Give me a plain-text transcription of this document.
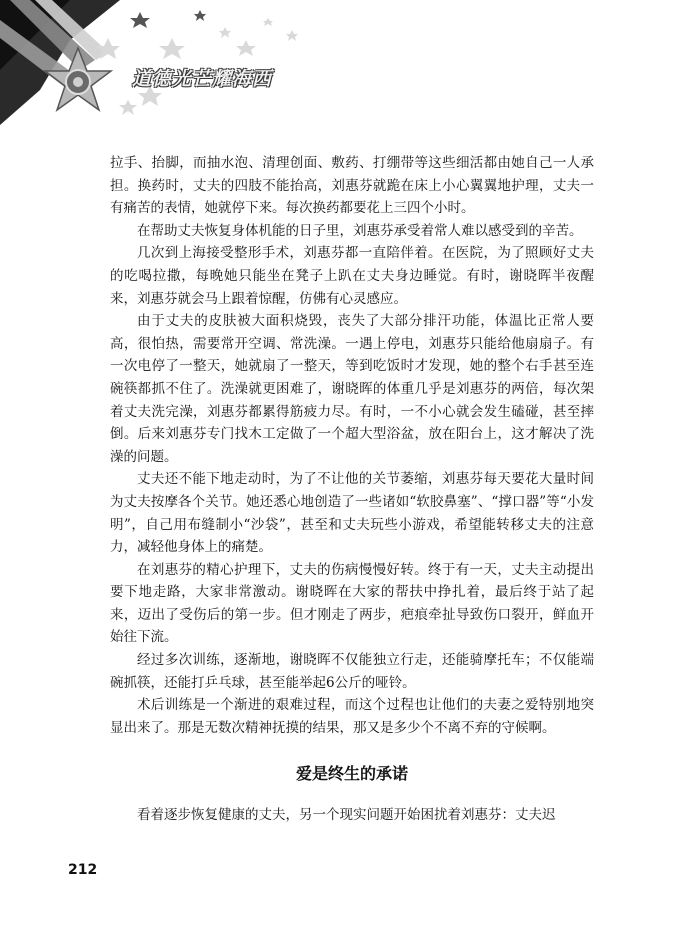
道德光芒耀海西

拉手、抬脚，而抽水泡、清理创面、敷药、打绷带等这些细活都由她自己一人承担。换药时，丈夫的四肢不能抬高，刘惠芬就跪在床上小心翼翼地护理，丈夫一有痛苦的表情，她就停下来。每次换药都要花上三四个小时。

在帮助丈夫恢复身体机能的日子里，刘惠芬承受着常人难以感受到的辛苦。

几次到上海接受整形手术，刘惠芬都一直陪伴着。在医院，为了照顾好丈夫的吃喝拉撒，每晚她只能坐在凳子上趴在丈夫身边睡觉。有时，谢晓晖半夜醒来，刘惠芬就会马上跟着惊醒，仿佛有心灵感应。

由于丈夫的皮肤被大面积烧毁，丧失了大部分排汗功能，体温比正常人要高，很怕热，需要常开空调、常洗澡。一遇上停电，刘惠芬只能给他扇扇子。有一次电停了一整天，她就扇了一整天，等到吃饭时才发现，她的整个右手甚至连碗筷都抓不住了。洗澡就更困难了，谢晓晖的体重几乎是刘惠芬的两倍，每次架着丈夫洗完澡，刘惠芬都累得筋疲力尽。有时，一不小心就会发生磕碰，甚至摔倒。后来刘惠芬专门找木工定做了一个超大型浴盆，放在阳台上，这才解决了洗澡的问题。

丈夫还不能下地走动时，为了不让他的关节萎缩，刘惠芬每天要花大量时间为丈夫按摩各个关节。她还悉心地创造了一些诸如“软胶鼻塞”、“撑口器”等“小发明”，自己用布缝制小“沙袋”，甚至和丈夫玩些小游戏，希望能转移丈夫的注意力，减轻他身体上的痛楚。

在刘惠芬的精心护理下，丈夫的伤病慢慢好转。终于有一天，丈夫主动提出要下地走路，大家非常激动。谢晓晖在大家的帮扶中挣扎着，最后终于站了起来，迈出了受伤后的第一步。但才刚走了两步，疤痕牵扯导致伤口裂开，鲜血开始往下流。

经过多次训练，逐渐地，谢晓晖不仅能独立行走，还能骑摩托车；不仅能端碗抓筷，还能打乒乓球，甚至能举起6公斤的哑铃。

术后训练是一个渐进的艰难过程，而这个过程也让他们的夫妻之爱特别地突显出来了。那是无数次精神抚摸的结果，那又是多少个不离不弃的守候啊。

爱是终生的承诺

看着逐步恢复健康的丈夫，另一个现实问题开始困扰着刘惠芬：丈夫迟

212
